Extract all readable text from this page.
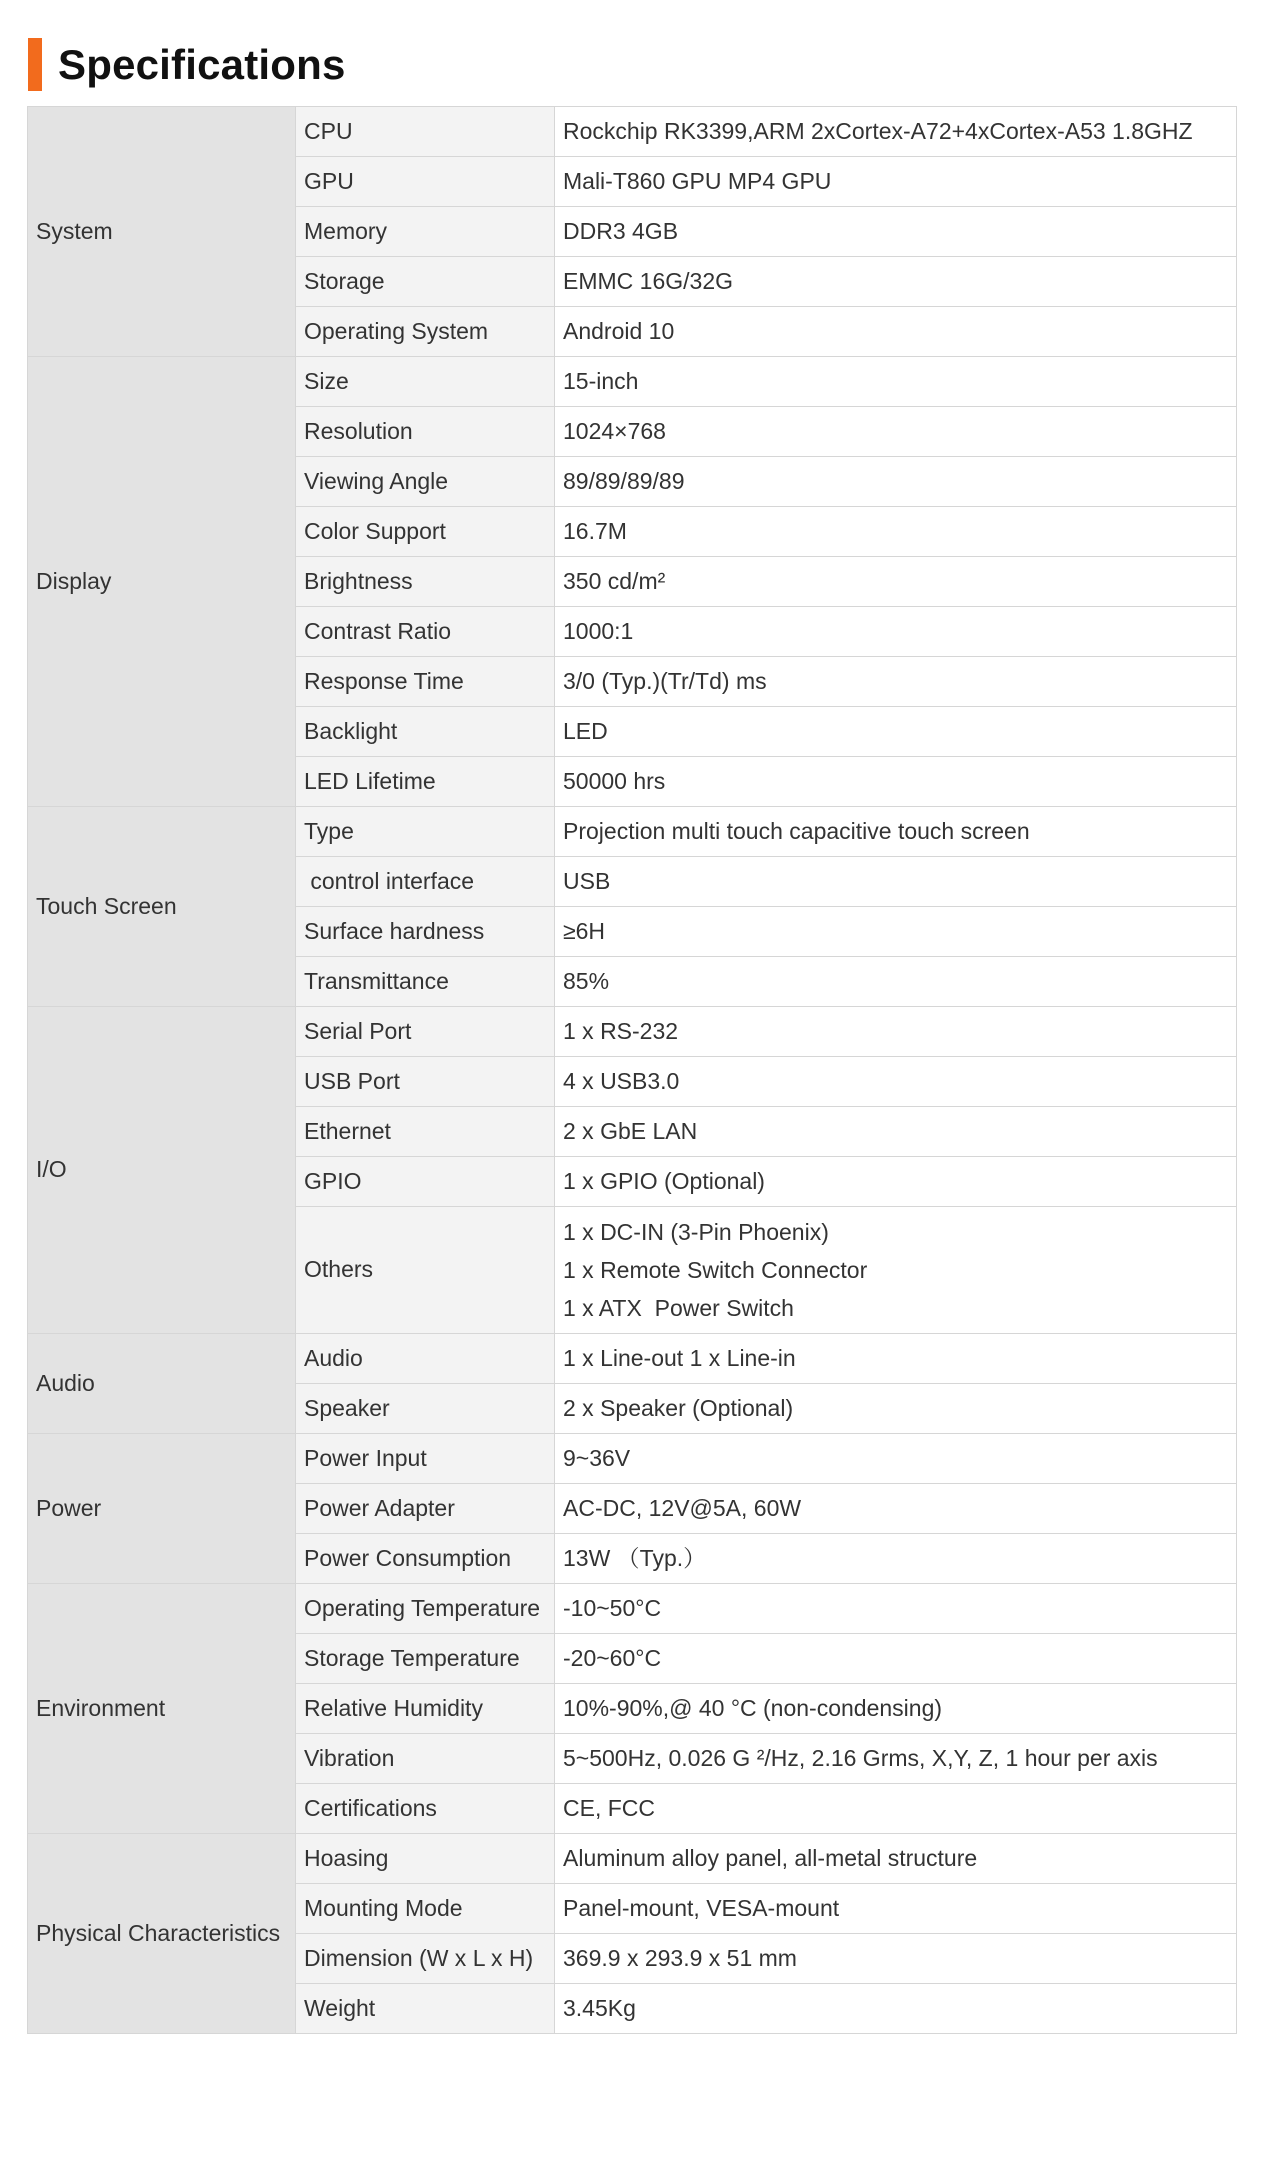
Specifications
System	CPU	Rockchip RK3399,ARM 2xCortex-A72+4xCortex-A53 1.8GHZ
	GPU	Mali-T860 GPU MP4 GPU
	Memory	DDR3 4GB
	Storage	EMMC 16G/32G
	Operating System	Android 10
Display	Size	15-inch
	Resolution	1024×768
	Viewing Angle	89/89/89/89
	Color Support	16.7M
	Brightness	350 cd/m²
	Contrast Ratio	1000:1
	Response Time	3/0 (Typ.)(Tr/Td) ms
	Backlight	LED
	LED Lifetime	50000 hrs
Touch Screen	Type	Projection multi touch capacitive touch screen
	control interface	USB
	Surface hardness	≥6H
	Transmittance	85%
I/O	Serial Port	1 x RS-232
	USB Port	4 x USB3.0
	Ethernet	2 x GbE LAN
	GPIO	1 x GPIO (Optional)
	Others	1 x DC-IN (3-Pin Phoenix)
1 x Remote Switch Connector
1 x ATX  Power Switch

Audio	Audio	1 x Line-out 1 x Line-in
	Speaker	2 x Speaker (Optional)
Power	Power Input	9~36V
	Power Adapter	AC-DC, 12V@5A, 60W
	Power Consumption	13W （Typ.）
Environment	Operating Temperature	-10~50°C
	Storage Temperature	-20~60°C
	Relative Humidity	10%-90%,@ 40 °C (non-condensing)
	Vibration	5~500Hz, 0.026 G ²/Hz, 2.16 Grms, X,Y, Z, 1 hour per axis
	Certifications	CE, FCC
Physical Characteristics	Hoasing	Aluminum alloy panel, all-metal structure
	Mounting Mode	Panel-mount, VESA-mount
	Dimension (W x L x H)	369.9 x 293.9 x 51 mm
	Weight	3.45Kg
